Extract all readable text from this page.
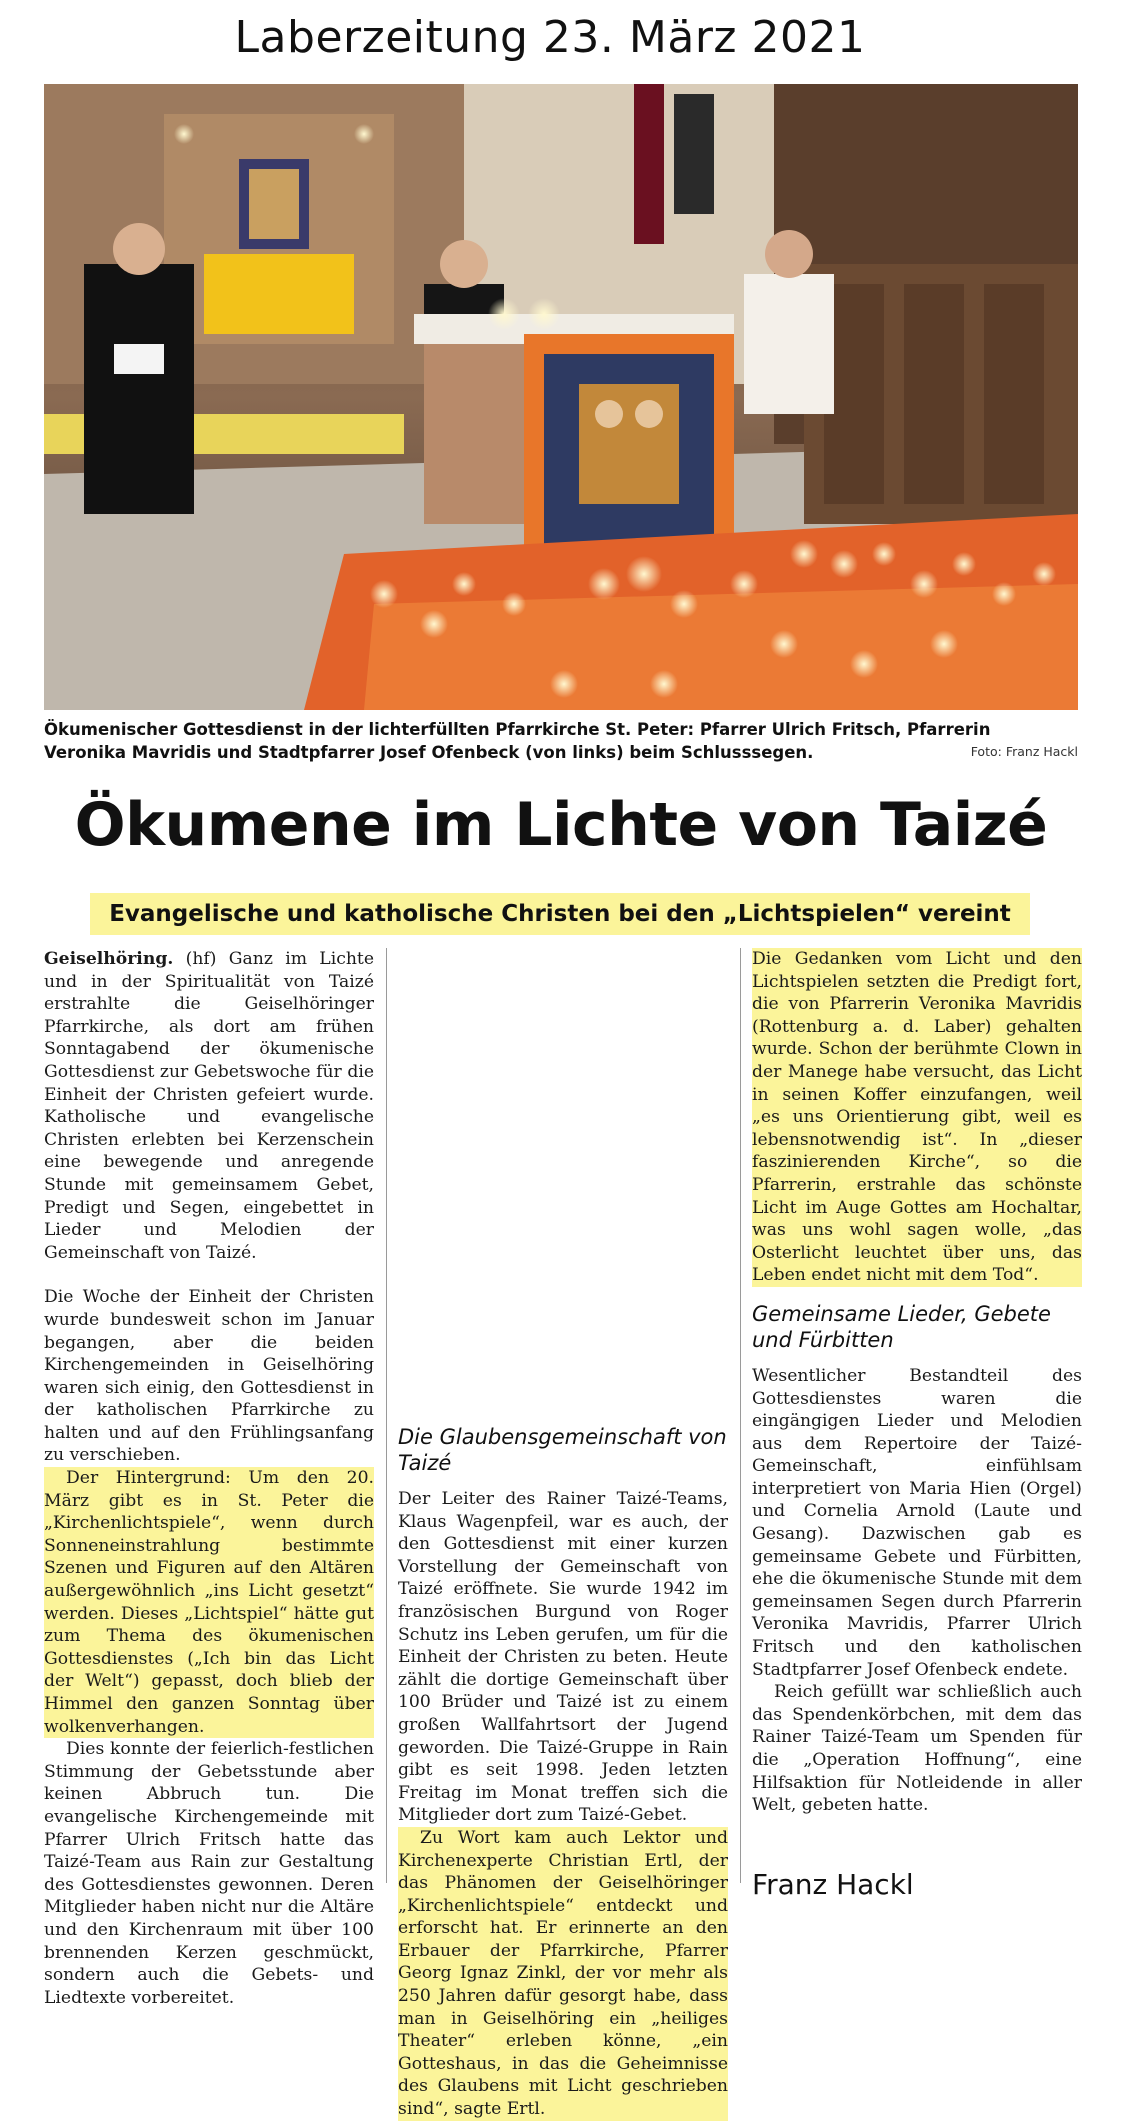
Laberzeitung 23. März 2021
Ökumenischer Gottesdienst in der lichterfüllten Pfarrkirche St. Peter: Pfarrer Ulrich Fritsch, Pfarrerin Veronika Mavridis und Stadtpfarrer Josef Ofenbeck (von links) beim Schlusssegen.	Foto: Franz Hackl
Ökumene im Lichte von Taizé
Evangelische und katholische Christen bei den „Lichtspielen“ vereint

Geiselhöring. (hf) Ganz im Lichte und in der Spiritualität von Taizé erstrahlte die Geiselhöringer Pfarrkirche, als dort am frühen Sonntagabend der ökumenische Gottesdienst zur Gebetswoche für die Einheit der Christen gefeiert wurde. Katholische und evangelische Christen erlebten bei Kerzenschein eine bewegende und anregende Stunde mit gemeinsamem Gebet, Predigt und Segen, eingebettet in Lieder und Melodien der Gemeinschaft von Taizé.

Die Woche der Einheit der Christen wurde bundesweit schon im Januar begangen, aber die beiden Kirchengemeinden in Geiselhöring waren sich einig, den Gottesdienst in der katholischen Pfarrkirche zu halten und auf den Frühlingsanfang zu verschieben.

Der Hintergrund: Um den 20. März gibt es in St. Peter die „Kirchenlichtspiele“, wenn durch Sonneneinstrahlung bestimmte Szenen und Figuren auf den Altären außergewöhnlich „ins Licht gesetzt“ werden. Dieses „Lichtspiel“ hätte gut zum Thema des ökumenischen Gottesdienstes („Ich bin das Licht der Welt“) gepasst, doch blieb der Himmel den ganzen Sonntag über wolkenverhangen.

Dies konnte der feierlich-festlichen Stimmung der Gebetsstunde aber keinen Abbruch tun. Die evangelische Kirchengemeinde mit Pfarrer Ulrich Fritsch hatte das Taizé-Team aus Rain zur Gestaltung des Gottesdienstes gewonnen. Deren Mitglieder haben nicht nur die Altäre und den Kirchenraum mit über 100 brennenden Kerzen geschmückt, sondern auch die Gebets- und Liedtexte vorbereitet.

Die Glaubensgemeinschaft von Taizé

Der Leiter des Rainer Taizé-Teams, Klaus Wagenpfeil, war es auch, der den Gottesdienst mit einer kurzen Vorstellung der Gemeinschaft von Taizé eröffnete. Sie wurde 1942 im französischen Burgund von Roger Schutz ins Leben gerufen, um für die Einheit der Christen zu beten. Heute zählt die dortige Gemeinschaft über 100 Brüder und Taizé ist zu einem großen Wallfahrtsort der Jugend geworden. Die Taizé-Gruppe in Rain gibt es seit 1998. Jeden letzten Freitag im Monat treffen sich die Mitglieder dort zum Taizé-Gebet.

Zu Wort kam auch Lektor und Kirchenexperte Christian Ertl, der das Phänomen der Geiselhöringer „Kirchenlichtspiele“ entdeckt und erforscht hat. Er erinnerte an den Erbauer der Pfarrkirche, Pfarrer Georg Ignaz Zinkl, der vor mehr als 250 Jahren dafür gesorgt habe, dass man in Geiselhöring ein „heiliges Theater“ erleben könne, „ein Gotteshaus, in das die Geheimnisse des Glaubens mit Licht geschrieben sind“, sagte Ertl.

Die Gedanken vom Licht und den Lichtspielen setzten die Predigt fort, die von Pfarrerin Veronika Mavridis (Rottenburg a. d. Laber) gehalten wurde. Schon der berühmte Clown in der Manege habe versucht, das Licht in seinen Koffer einzufangen, weil „es uns Orientierung gibt, weil es lebensnotwendig ist“. In „dieser faszinierenden Kirche“, so die Pfarrerin, erstrahle das schönste Licht im Auge Gottes am Hochaltar, was uns wohl sagen wolle, „das Osterlicht leuchtet über uns, das Leben endet nicht mit dem Tod“.

Gemeinsame Lieder, Gebete und Fürbitten

Wesentlicher Bestandteil des Gottesdienstes waren die eingängigen Lieder und Melodien aus dem Repertoire der Taizé-Gemeinschaft, einfühlsam interpretiert von Maria Hien (Orgel) und Cornelia Arnold (Laute und Gesang). Dazwischen gab es gemeinsame Gebete und Fürbitten, ehe die ökumenische Stunde mit dem gemeinsamen Segen durch Pfarrerin Veronika Mavridis, Pfarrer Ulrich Fritsch und den katholischen Stadtpfarrer Josef Ofenbeck endete.

Reich gefüllt war schließlich auch das Spendenkörbchen, mit dem das Rainer Taizé-Team um Spenden für die „Operation Hoffnung“, eine Hilfsaktion für Notleidende in aller Welt, gebeten hatte.

Franz Hackl
